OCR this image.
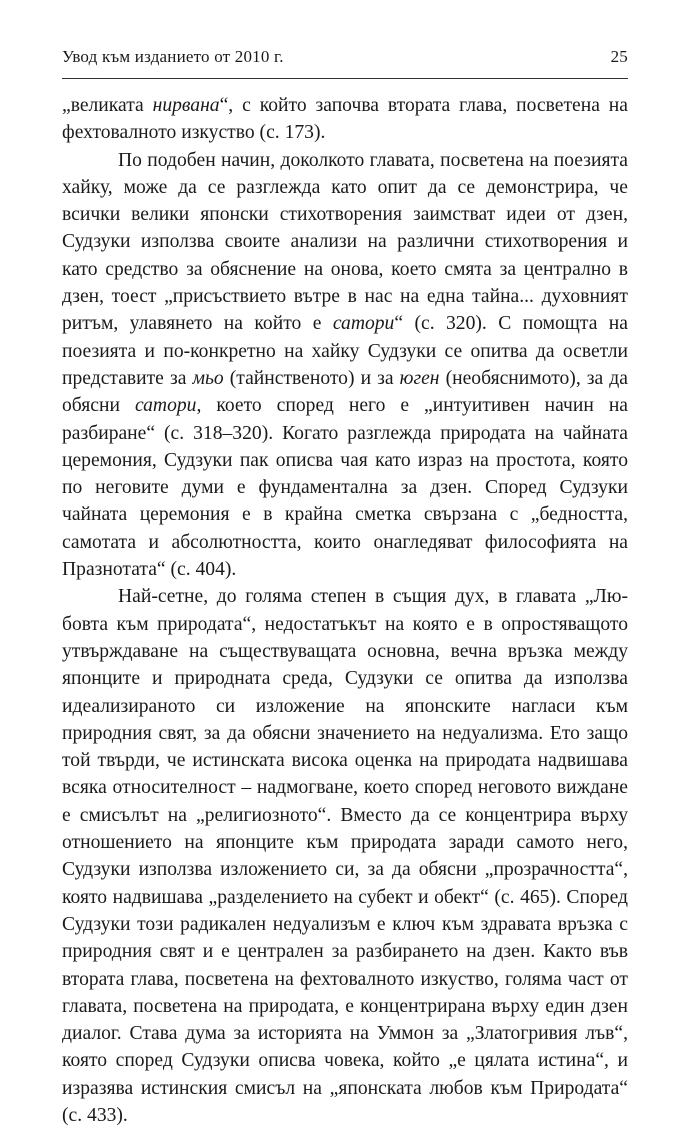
Увод към изданието от 2010 г.	25

„великата нирвана“, с който започва втората глава, посветена на фехтовалното изкуство (с. 173).

По подобен начин, доколкото главата, посветена на поезията хайку, може да се разглежда като опит да се демонстрира, че всички велики японски стихотворения заимстват идеи от дзен, Судзуки използва своите анализи на различни стихотворения и като средство за обяснение на онова, което смята за централно в дзен, тоест „присъствието вътре в нас на една тайна... духовният ритъм, улавянето на който е сатори“ (с. 320). С помощта на поезията и по-конкретно на хайку Судзуки се опитва да осветли представите за мьо (тайнственото) и за юген (необяснимото), за да обясни сатори, което според него е „интуитивен начин на разбиране“ (с. 318–320). Когато разглежда природата на чайната церемония, Судзуки пак описва чая като израз на простота, която по неговите думи е фундаментална за дзен. Според Судзуки чайната церемония е в крайна сметка свързана с „бедността, самотата и абсолютността, които онагледяват философията на Празнотата“ (с. 404).

Най-сетне, до голяма степен в същия дух, в главата „Любовта към природата“, недостатъкът на която е в опростяващото утвърждаване на съществуващата основна, вечна връзка между японците и природната среда, Судзуки се опитва да използва идеализираното си изложение на японските нагласи към природния свят, за да обясни значението на недуализма. Ето защо той твърди, че истинската висока оценка на природата надвишава всяка относителност – надмогване, което според неговото виждане е смисълът на „религиозното“. Вместо да се концентрира върху отношението на японците към природата заради самото него, Судзуки използва изложението си, за да обясни „прозрачността“, която надвишава „разделението на субект и обект“ (с. 465). Според Судзуки този радикален недуализъм е ключ към здравата връзка с природния свят и е централен за разбирането на дзен. Както във втората глава, посветена на фехтовалното изкуство, голяма част от главата, посветена на природата, е концентрирана върху един дзен диалог. Става дума за историята на Уммон за „Златогривия лъв“, която според Судзуки описва човека, който „е цялата истина“, и изразява истинския смисъл на „японската любов към Природата“ (с. 433).
